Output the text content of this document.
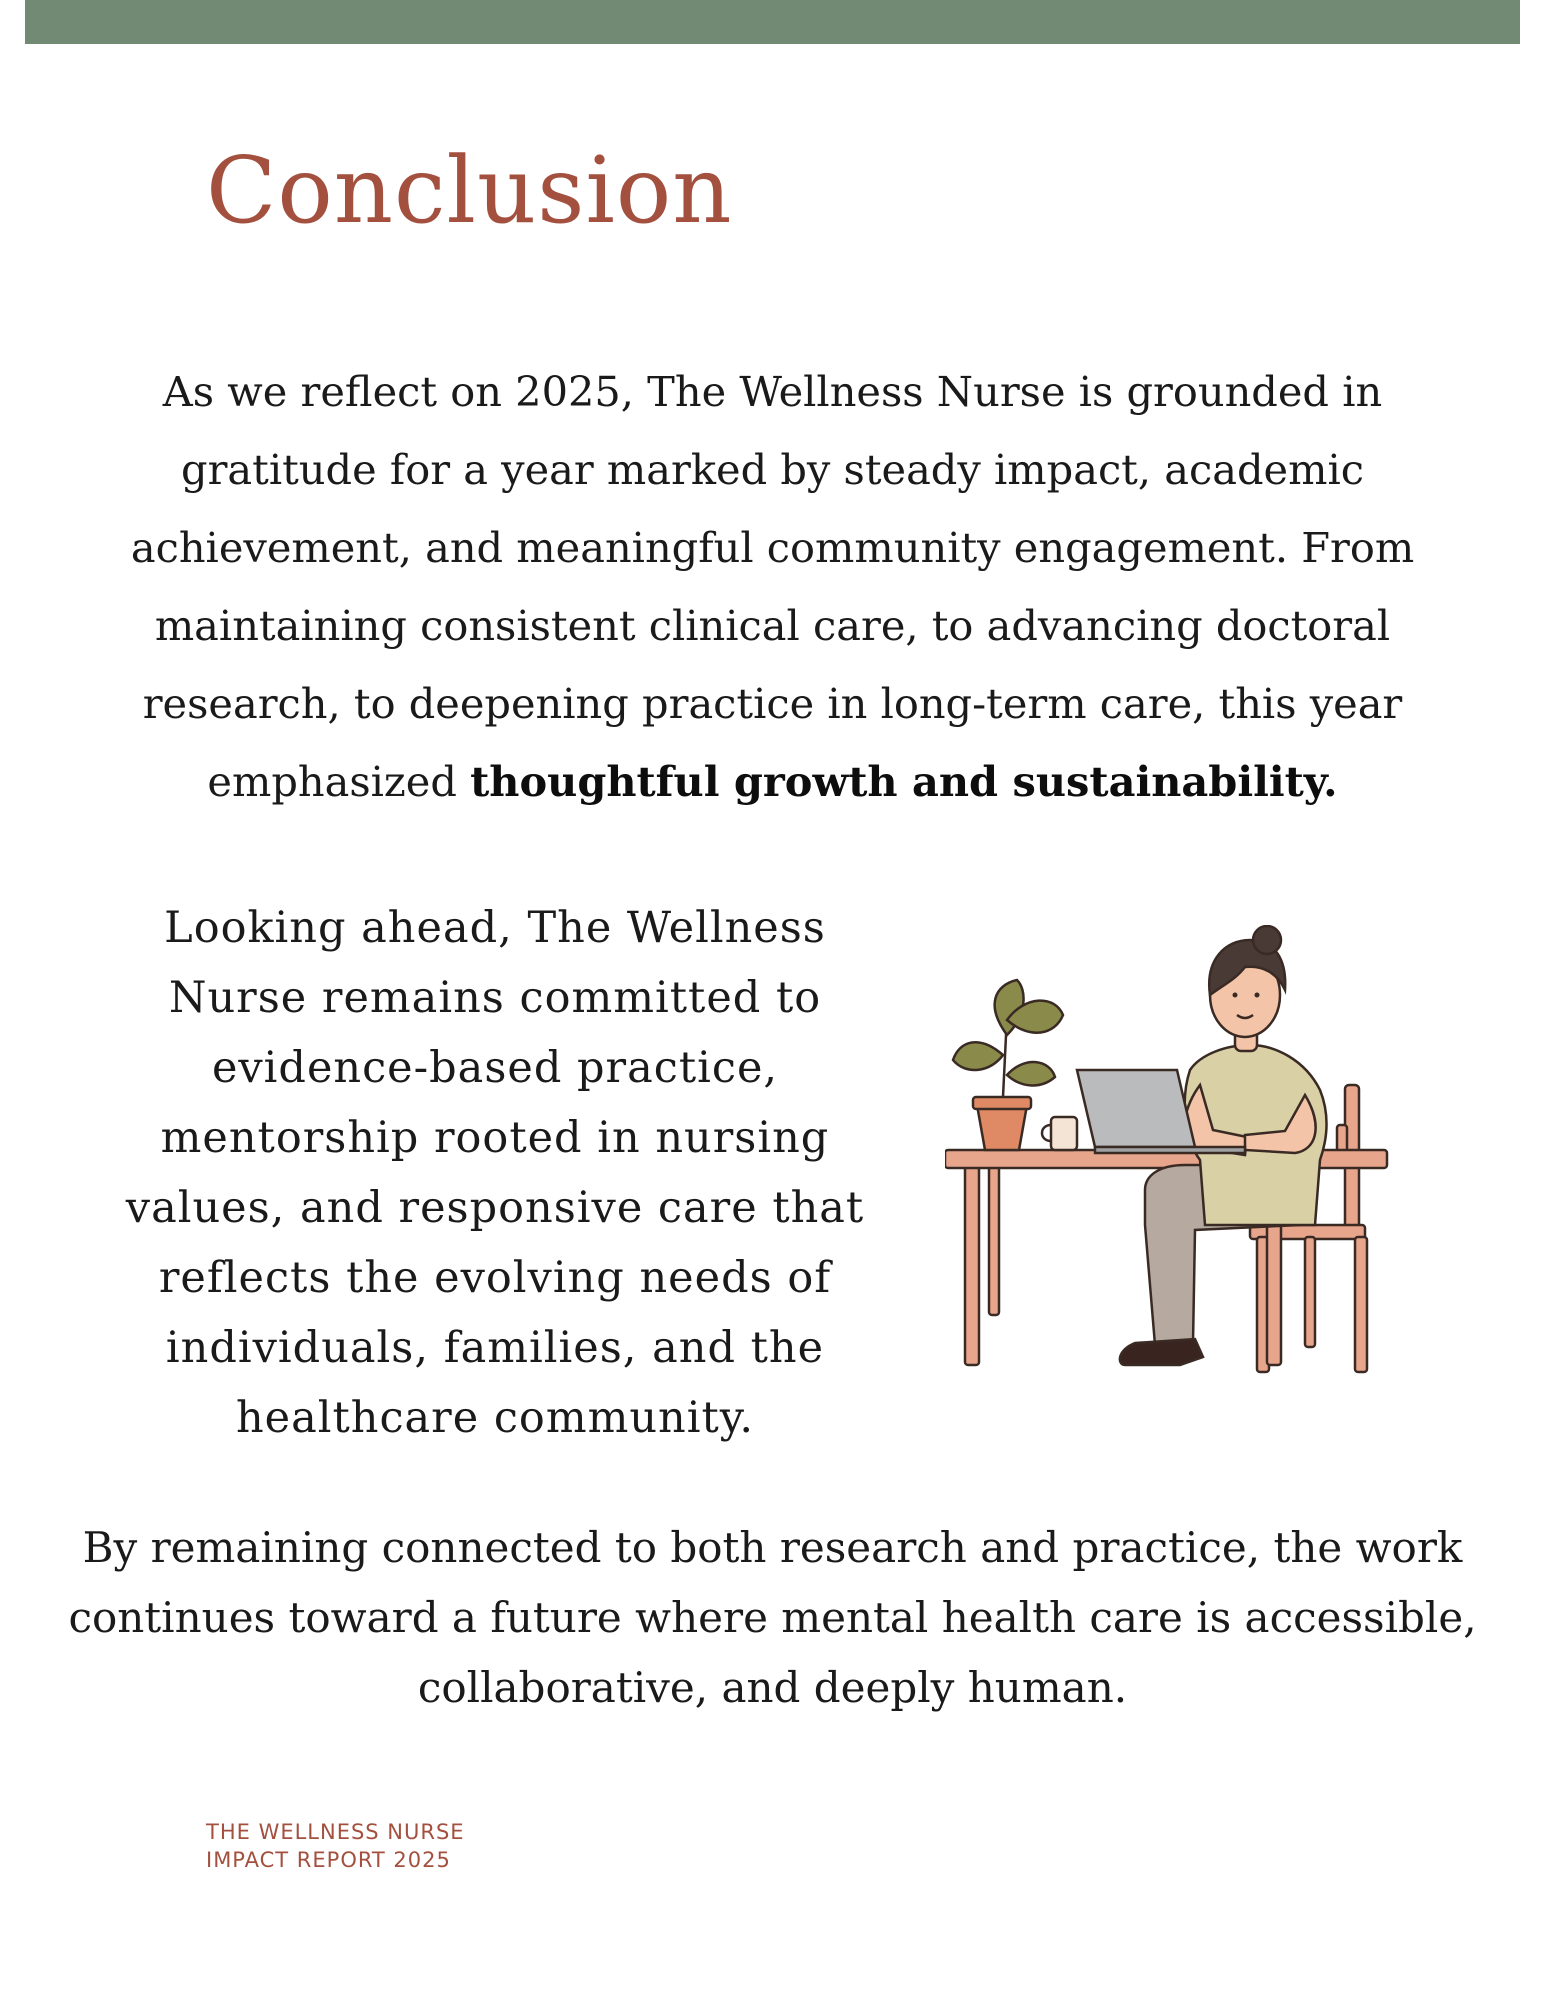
Conclusion

As we reflect on 2025, The Wellness Nurse is grounded in gratitude for a year marked by steady impact, academic achievement, and meaningful community engagement. From maintaining consistent clinical care, to advancing doctoral research, to deepening practice in long-term care, this year emphasized thoughtful growth and sustainability.

Looking ahead, The Wellness Nurse remains committed to evidence-based practice, mentorship rooted in nursing values, and responsive care that reflects the evolving needs of individuals, families, and the healthcare community.

By remaining connected to both research and practice, the work continues toward a future where mental health care is accessible, collaborative, and deeply human.

THE WELLNESS NURSE
IMPACT REPORT 2025
